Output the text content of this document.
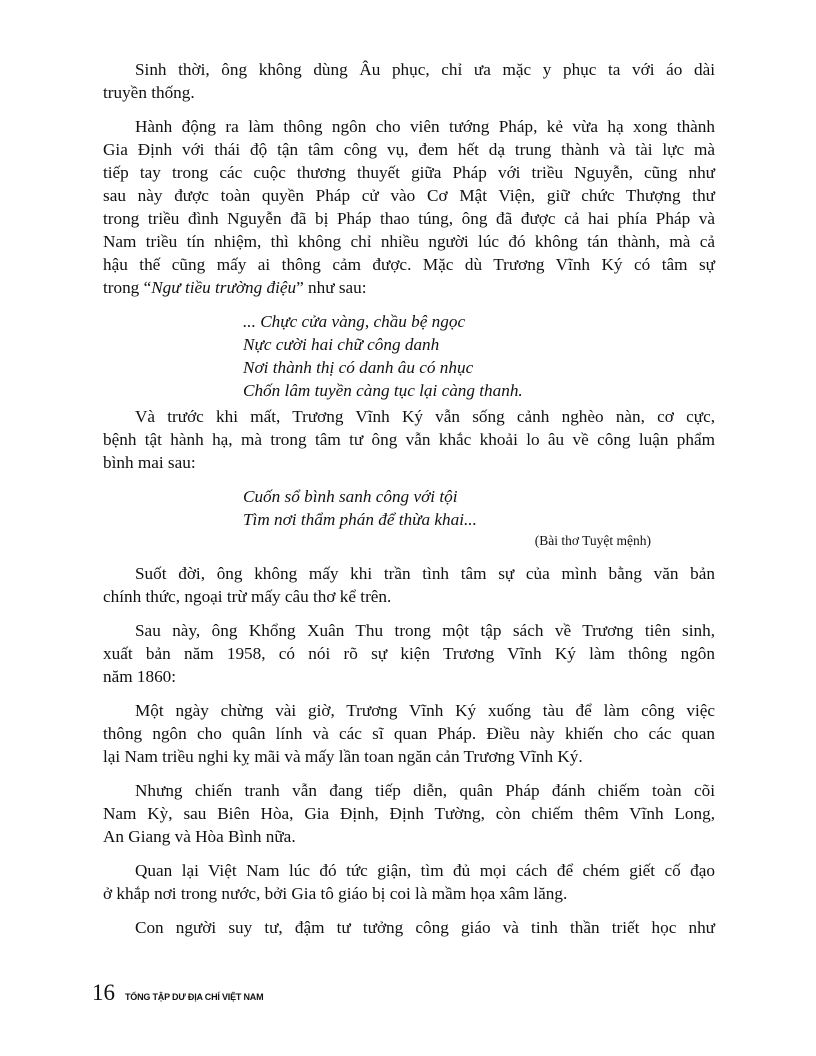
Sinh thời, ông không dùng Âu phục, chỉ ưa mặc y phục ta với áo dài
truyền thống.
Hành động ra làm thông ngôn cho viên tướng Pháp, kẻ vừa hạ xong thành
Gia Định với thái độ tận tâm công vụ, đem hết dạ trung thành và tài lực mà
tiếp tay trong các cuộc thương thuyết giữa Pháp với triều Nguyễn, cũng như
sau này được toàn quyền Pháp cử vào Cơ Mật Viện, giữ chức Thượng thư
trong triều đình Nguyễn đã bị Pháp thao túng, ông đã được cả hai phía Pháp và
Nam triều tín nhiệm, thì không chỉ nhiều người lúc đó không tán thành, mà cả
hậu thế cũng mấy ai thông cảm được. Mặc dù Trương Vĩnh Ký có tâm sự
trong “Ngư tiều trường điệu” như sau:
... Chực cửa vàng, chầu bệ ngọc
Nực cười hai chữ công danh
Nơi thành thị có danh âu có nhục
Chốn lâm tuyền càng tục lại càng thanh.
Và trước khi mất, Trương Vĩnh Ký vẫn sống cảnh nghèo nàn, cơ cực,
bệnh tật hành hạ, mà trong tâm tư ông vẫn khắc khoải lo âu về công luận phẩm
bình mai sau:
Cuốn sổ bình sanh công với tội
Tìm nơi thẩm phán để thừa khai...
(Bài thơ Tuyệt mệnh)
Suốt đời, ông không mấy khi trần tình tâm sự của mình bằng văn bản
chính thức, ngoại trừ mấy câu thơ kể trên.
Sau này, ông Khổng Xuân Thu trong một tập sách về Trương tiên sinh,
xuất bản năm 1958, có nói rõ sự kiện Trương Vĩnh Ký làm thông ngôn
năm 1860:
Một ngày chừng vài giờ, Trương Vĩnh Ký xuống tàu để làm công việc
thông ngôn cho quân lính và các sĩ quan Pháp. Điều này khiến cho các quan
lại Nam triều nghi kỵ mãi và mấy lần toan ngăn cản Trương Vĩnh Ký.
Nhưng chiến tranh vẫn đang tiếp diễn, quân Pháp đánh chiếm toàn cõi
Nam Kỳ, sau Biên Hòa, Gia Định, Định Tường, còn chiếm thêm Vĩnh Long,
An Giang và Hòa Bình nữa.
Quan lại Việt Nam lúc đó tức giận, tìm đủ mọi cách để chém giết cố đạo
ở khắp nơi trong nước, bởi Gia tô giáo bị coi là mầm họa xâm lăng.
Con người suy tư, đậm tư tưởng công giáo và tinh thần triết học như
16 TỔNG TẬP DƯ ĐỊA CHÍ VIỆT NAM
